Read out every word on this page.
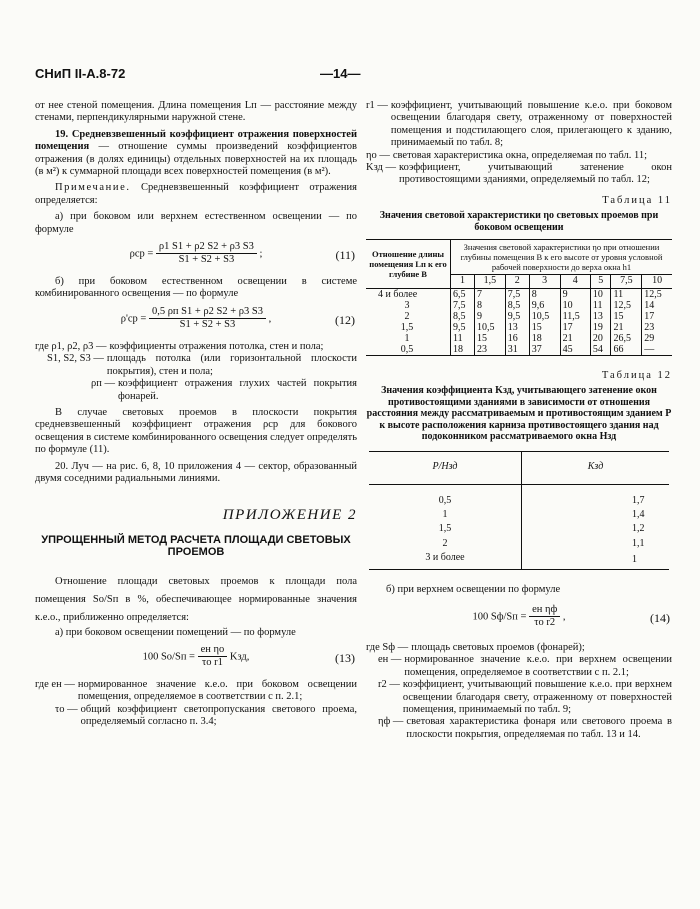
СНиП II-А.8-72	—14—

от нее стеной помещения. Длина помещения Lп — расстояние между стенами, перпендикулярными наружной стене.

19. Средневзвешенный коэффициент отражения поверхностей помещения — отношение суммы произведений коэффициентов отражения (в долях единицы) отдельных поверхностей на их площадь (в м²) к суммарной площади всех поверхностей помещения (в м²).

Примечание. Средневзвешенный коэффициент отражения определяется:

а) при боковом или верхнем естественном освещении — по формуле

$\rho ср = \frac{\rho 1 S1 + \rho 2 S2 + \rho 3 S3}{S1 + S2 + S3}$ ;	(11)

б) при боковом естественном освещении в системе комбинированного освещения — по формуле

$\rho'ср = \frac{\text{0,5 ρп S1 + ρ2 S2 + ρ3 S3}}{S1 + S2 + S3}$ ,	(12)
где ρ1, ρ2, ρ3 — коэффициенты отражения потолка, стен и пола;
S1, S2, S3 — площадь потолка (или горизонтальной плоскости покрытия), стен и пола;
ρп — коэффициент отражения глухих частей покрытия фонарей.

В случае световых проемов в плоскости покрытия средневзвешенный коэффициент отражения ρср для бокового освещения в системе комбинированного освещения следует определять по формуле (11).

20. Луч — на рис. 6, 8, 10 приложения 4 — сектор, образованный двумя соседними радиальными линиями.

ПРИЛОЖЕНИЕ 2
УПРОЩЕННЫЙ МЕТОД РАСЧЕТА ПЛОЩАДИ СВЕТОВЫХ ПРОЕМОВ

Отношение площади световых проемов к площади пола помещения Sо/Sп в %, обеспечивающее нормированные значения к.е.о., приближенно определяется:

а) при боковом освещении помещений — по формуле

100 $Sо/Sп = \frac{\text{eн ηо}}{\text{τо r1}}$ Kзд,	(13)
где eн — нормированное значение к.е.о. при боковом освещении помещения, определяемое в соответствии с п. 2.1;
τо — общий коэффициент светопропускания светового проема, определяемый согласно п. 3.4;
r1 — коэффициент, учитывающий повышение к.е.о. при боковом освещении благодаря свету, отраженному от поверхностей помещения и подстилающего слоя, прилегающего к зданию, принимаемый по табл. 8;
ηо — световая характеристика окна, определяемая по табл. 11;
Kзд — коэффициент, учитывающий затенение окон противостоящими зданиями, определяемый по табл. 12;
Таблица 11
Значения световой характеристики ηо световых проемов при боковом освещении
Отношение длины помещения Lп к его глубине B	Значения световой характеристики ηо при отношении глубины помещения B к его высоте от уровня условной рабочей поверхности до верха окна h1							
	1	1,5	2	3	4	5	7,5	10
4 и более	6,5	7	7,5	8	9	10	11	12,5
3	7,5	8	8,5	9,6	10	11	12,5	14
2	8,5	9	9,5	10,5	11,5	13	15	17
1,5	9,5	10,5	13	15	17	19	21	23
1	11	15	16	18	21	20	26,5	29
0,5	18	23	31	37	45	54	66	—
Таблица 12
Значения коэффициента Kзд, учитывающего затенение окон противостоящими зданиями в зависимости от отношения расстояния между рассматриваемым и противостоящим зданием P к высоте расположения карниза противостоящего здания над подоконником рассматриваемого окна Hзд
P/Hзд	Kзд
0,5	1,7
1	1,4
1,5	1,2
2	1,1
3 и более	1

б) при верхнем освещении по формуле

100 $Sф/Sп = \frac{\text{eн ηф}}{\text{τо r2}}$ ,	(14)
где Sф — площадь световых проемов (фонарей);
eн — нормированное значение к.е.о. при верхнем освещении помещения, определяемое в соответствии с п. 2.1;
r2 — коэффициент, учитывающий повышение к.е.о. при верхнем освещении благодаря свету, отраженному от поверхностей помещения, принимаемый по табл. 9;
ηф — световая характеристика фонаря или светового проема в плоскости покрытия, определяемая по табл. 13 и 14.
